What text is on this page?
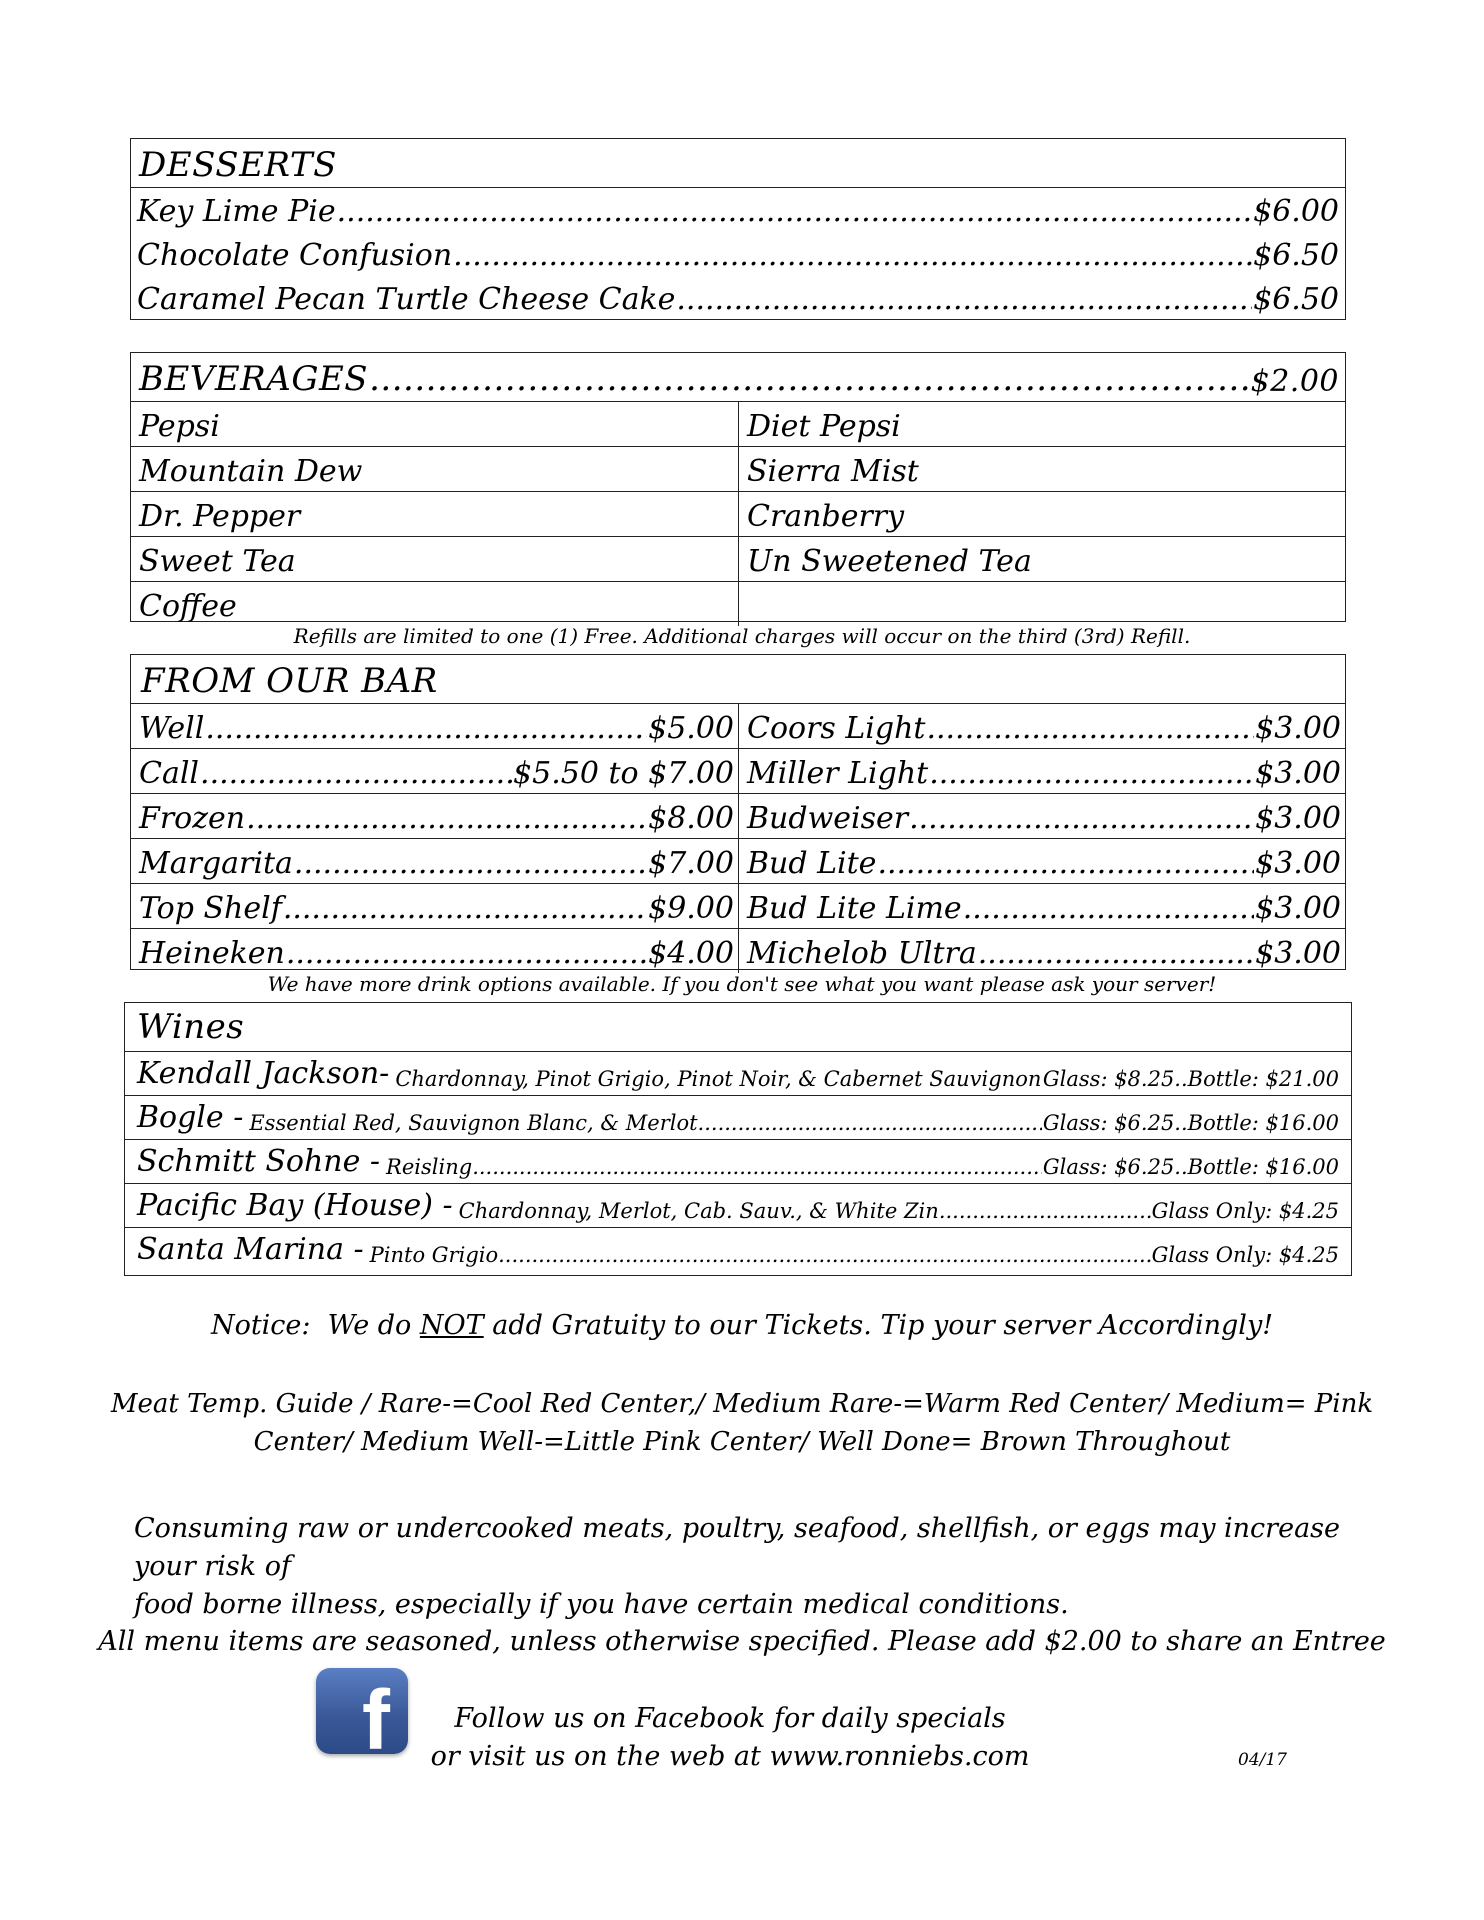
DESSERTS
Key Lime Pie .....	$6.00
Chocolate Confusion .....	$6.50
Caramel Pecan Turtle Cheese Cake .....	$6.50
BEVERAGES .....	$2.00
Pepsi	Diet Pepsi
Mountain Dew	Sierra Mist
Dr. Pepper	Cranberry
Sweet Tea	Un Sweetened Tea
Coffee
Refills are limited to one (1) Free. Additional charges will occur on the third (3rd) Refill.
FROM OUR BAR
Well .....	$5.00 Coors Light .....	$3.00
Call .....	$5.50 to $7.00 Miller Light .....	$3.00
Frozen .....	$8.00 Budweiser .....	$3.00
Margarita .....	$7.00 Bud Lite .....	$3.00
Top Shelf .....	$9.00 Bud Lite Lime .....	$3.00
Heineken .....	$4.00 Michelob Ultra .....	$3.00
We have more drink options available. If you don't see what you want please ask your server!
Wines
Kendall Jackson- Chardonnay, Pinot Grigio, Pinot Noir, & Cabernet Sauvignon ..... Glass: $8.25..Bottle: $21.00
Bogle - Essential Red, Sauvignon Blanc, & Merlot .....	Glass: $6.25..Bottle: $16.00
Schmitt Sohne - Reisling .....	Glass: $6.25..Bottle: $16.00
Pacific Bay (House) - Chardonnay, Merlot, Cab. Sauv., & White Zin .....	Glass Only: $4.25
Santa Marina - Pinto Grigio .....	Glass Only: $4.25
Notice:  We do NOT add Gratuity to our Tickets. Tip your server Accordingly!
Meat Temp. Guide / Rare-=Cool Red Center,/ Medium Rare-=Warm Red Center/ Medium= Pink
Center/ Medium Well-=Little Pink Center/ Well Done= Brown Throughout
Consuming raw or undercooked meats, poultry, seafood, shellfish, or eggs may increase your risk of
food borne illness, especially if you have certain medical conditions.
All menu items are seasoned, unless otherwise specified. Please add $2.00 to share an Entree
f	Follow us on Facebook for daily specials
or visit us on the web at www.ronniebs.com	04/17
